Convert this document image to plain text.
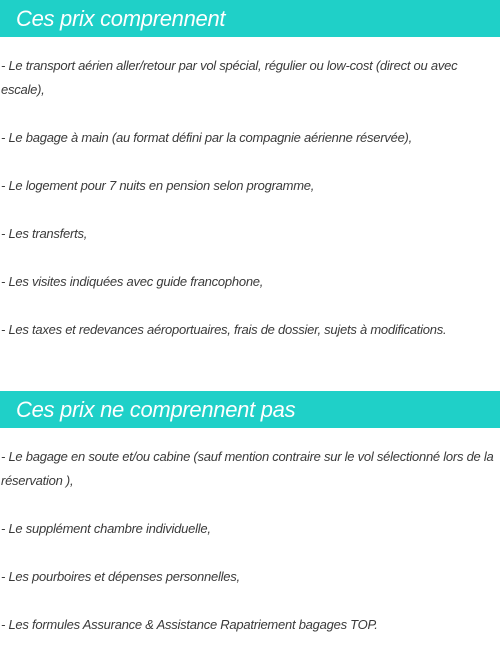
Ces prix comprennent

- Le transport aérien aller/retour par vol spécial, régulier ou low-cost (direct ou avec escale),

- Le bagage à main (au format défini par la compagnie aérienne réservée),

- Le logement pour 7 nuits en pension selon programme,

- Les transferts,

- Les visites indiquées avec guide francophone,

- Les taxes et redevances aéroportuaires, frais de dossier, sujets à modifications.

Ces prix ne comprennent pas

- Le bagage en soute et/ou cabine (sauf mention contraire sur le vol sélectionné lors de la réservation ),

- Le supplément chambre individuelle,

- Les pourboires et dépenses personnelles,

- Les formules Assurance & Assistance Rapatriement bagages TOP.
